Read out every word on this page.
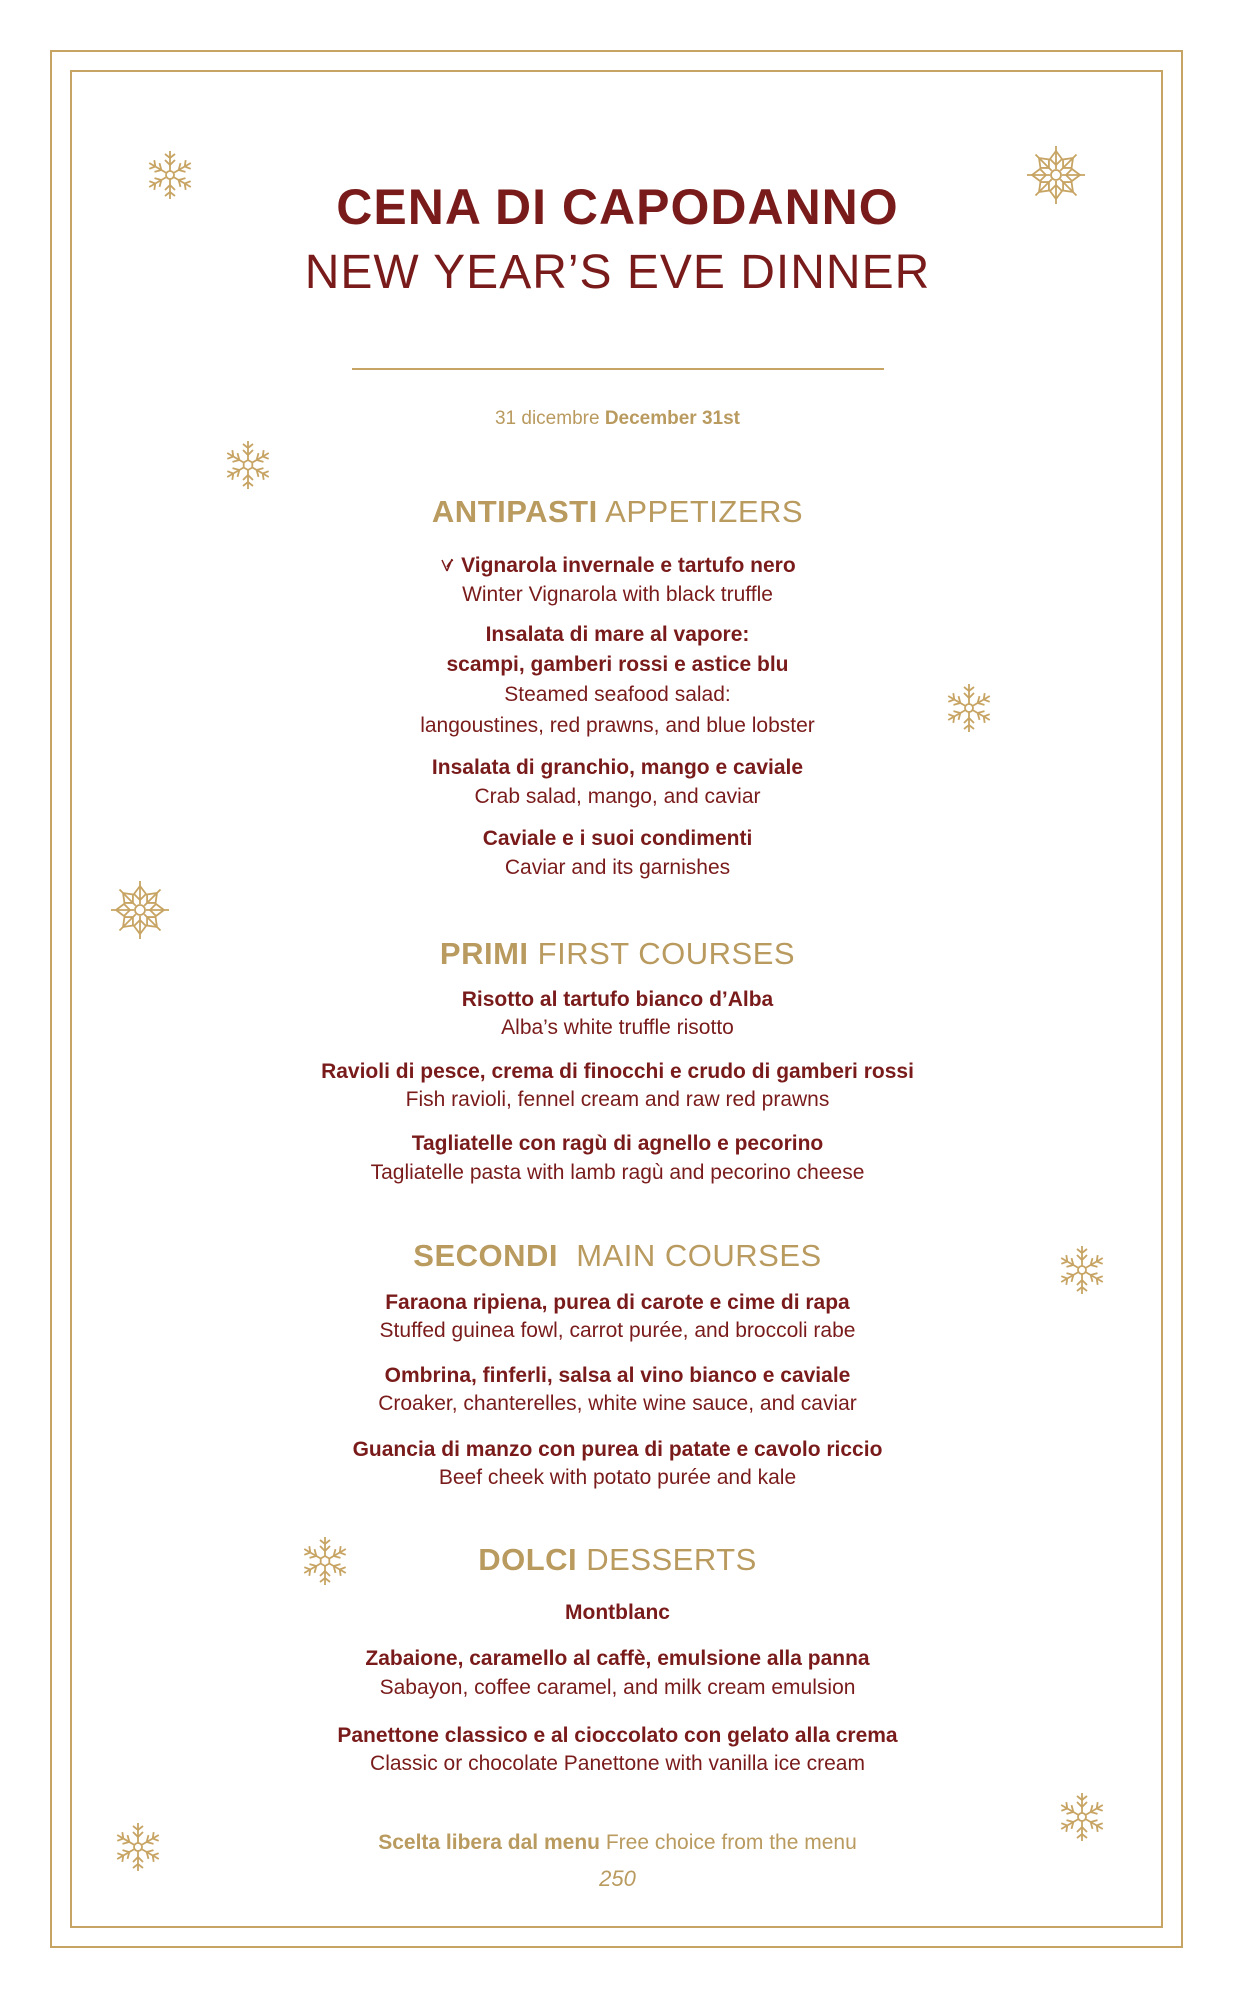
CENA DI CAPODANNO
NEW YEAR’S EVE DINNER
31 dicembre December 31st
ANTIPASTI APPETIZERS
Vignarola invernale e tartufo nero
Winter Vignarola with black truffle
Insalata di mare al vapore:
scampi, gamberi rossi e astice blu
Steamed seafood salad:
langoustines, red prawns, and blue lobster
Insalata di granchio, mango e caviale
Crab salad, mango, and caviar
Caviale e i suoi condimenti
Caviar and its garnishes
PRIMI FIRST COURSES
Risotto al tartufo bianco d’Alba
Alba’s white truffle risotto
Ravioli di pesce, crema di finocchi e crudo di gamberi rossi
Fish ravioli, fennel cream and raw red prawns
Tagliatelle con ragù di agnello e pecorino
Tagliatelle pasta with lamb ragù and pecorino cheese
SECONDI MAIN COURSES
Faraona ripiena, purea di carote e cime di rapa
Stuffed guinea fowl, carrot purée, and broccoli rabe
Ombrina, finferli, salsa al vino bianco e caviale
Croaker, chanterelles, white wine sauce, and caviar
Guancia di manzo con purea di patate e cavolo riccio
Beef cheek with potato purée and kale
DOLCI DESSERTS
Montblanc
Zabaione, caramello al caffè, emulsione alla panna
Sabayon, coffee caramel, and milk cream emulsion
Panettone classico e al cioccolato con gelato alla crema
Classic or chocolate Panettone with vanilla ice cream
Scelta libera dal menu Free choice from the menu
250
